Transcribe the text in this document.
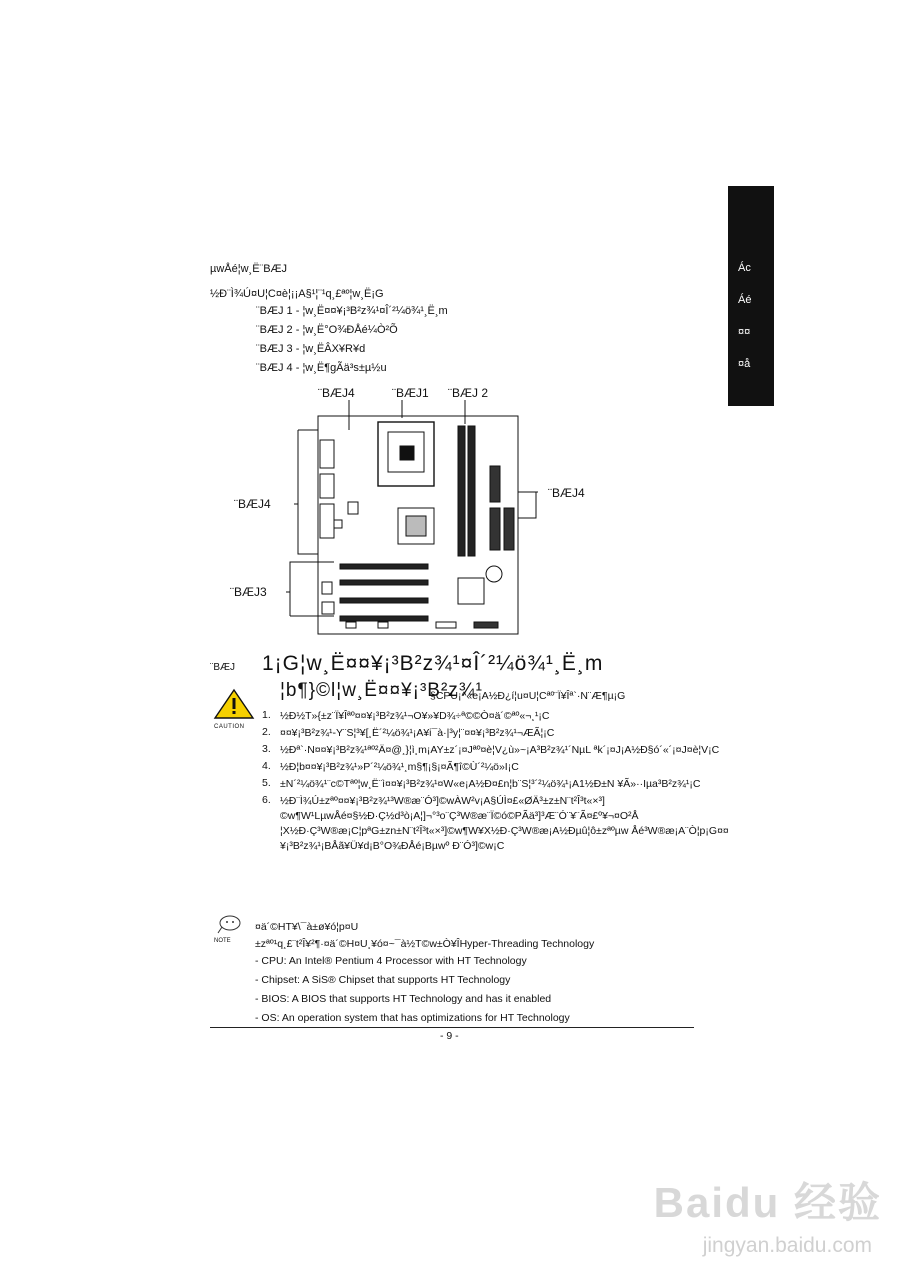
Ác
Áé
¤¤
¤å
µwÅé¦w¸Ë¨BÆJ
½Ð¨Ì¾Ú¤U¦C¤è¦¡¡A§¹¦¨¹q¸£ªº¦w¸Ë¡G
¨BÆJ 1 - ¦w¸Ë¤¤¥¡³B²z¾¹¤Î´²¼ö¾¹¸Ë¸m
¨BÆJ 2 - ¦w¸Ë°O¾ÐÅé¼Ò²Õ
¨BÆJ 3 - ¦w¸ËÂX¥R¥d
¨BÆJ 4 - ¦w¸Ë¶gÃä³s±µ½u
¨BÆJ4	¨BÆJ1 ¨BÆJ 2
¨BÆJ4
¨BÆJ4
¨BÆJ3
¨BÆJ 1¡G¦w¸Ë¤¤¥¡³B²z¾¹¤Î´²¼ö¾¹¸Ë¸m
¦b¶}©l¦w¸Ë¤¤¥¡³B²z¾¹
§CPU¡^«e¡A½Ð¿í¦u¤U¦Cªº¨Ï¥Îª`·N¨Æ¶µ¡G
CAUTION
1. ½Ð½T»{±z¨Ï¥Îªº¤¤¥¡³B²z¾¹¬O¥»¥D¾÷ª©©Ò¤ä´©ªº«¬¸¹¡C
2. ¤¤¥¡³B²z¾¹-Y¨S¦³¥[¸Ë´²¼ö¾¹¡A¥i¯à·|³y¦¨¤¤¥¡³B²z¾¹¬ÆÃ¦¡C
3. ½Ðª`·N¤¤¥¡³B²z¾¹ªº²Ä¤@¸}¦ì¸m¡AY±z´¡¤Jªº¤è¦V¿ù»~¡A³B²z¾¹´NµL ªk´¡¤J¡A½Ð§ó´«´¡¤J¤è¦V¡C
4. ½Ð¦b¤¤¥¡³B²z¾¹»P´²¼ö¾¹¸m§¶¡§¡¤Ã¶î©Ù´²¼ö»I¡C
5. ±N´²¼ö¾¹¨c©Tªº¦w¸Ë¨ì¤¤¥¡³B²z¾¹¤W«e¡A½Ð¤£n¦b¨S¦³´²¼ö¾¹¡A1½Ð±N ¥Ã»··Iµa³B²z¾¹¡C
6. ½Ð¨Ì¾Ú±zªº¤¤¥¡³B²z¾¹³W®æ¨Ó³]©wÀW²v¡A§ÚÌ¤£«ØÄ³±z±N¨t²Î³t«×³] ©w¶W¹LµwÅé¤§½Ð·Ç½d³ò¡A¦]¬°³o¨Ç³W®æ¨Ï©ó©PÃä³]³Æ¨Ó¨¥¨Ã¤£º¥¬¤O²Å ¦X½Ð·Ç³W®æ¡C¦pªG±zn±N¨t²Î³t«×³]©w¶W¥X½Ð·Ç³W®æ¡A½Ðµû¦ô±zªºµw Åé³W®æ¡A¨Ò¦p¡G¤¤¥¡³B²z¾¹¡BÅã¥Ü¥d¡B°O¾ÐÅé¡Bµwº Ð¨Ó³]©w¡C
NOTE
¤ä´©HT¥\¯à±ø¥ó¦p¤U
±zªº¹q¸£¨t²Î¥²¶·¤ä´©H¤U¸¥ó¤~¯à½T©w±Ò¥ÎHyper-Threading Technology
- CPU: An Intel® Pentium 4 Processor with HT Technology
- Chipset: A SiS® Chipset that supports HT Technology
- BIOS: A BIOS that supports HT Technology and has it enabled
- OS: An operation system that has optimizations for HT Technology
- 9 -
Baidu 经验
jingyan.baidu.com
